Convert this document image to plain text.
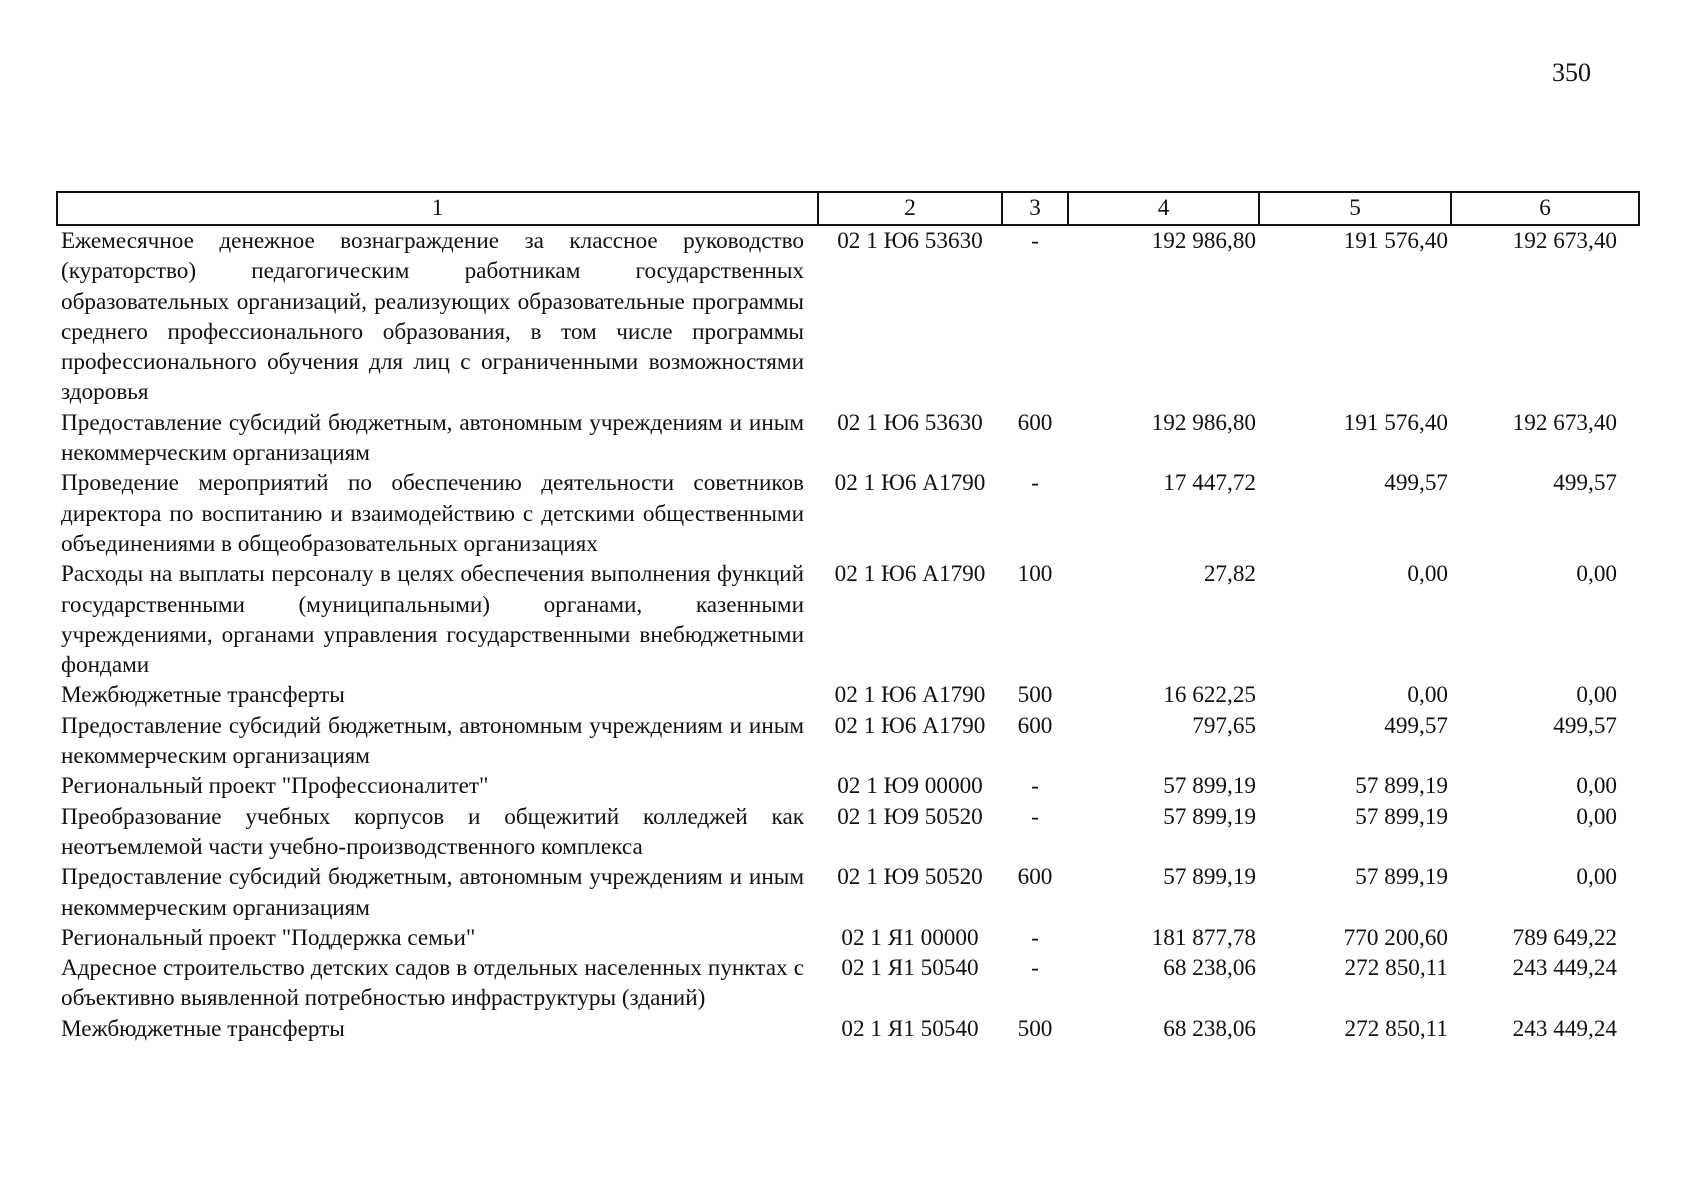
350
1	2	3	4	5	6
Ежемесячное денежное вознаграждение за классное руководство (кураторство) педагогическим работникам государственных образовательных организаций, реализующих образовательные программы среднего профессионального образования, в том числе программы профессионального обучения для лиц с ограниченными возможностями здоровья	02 1 Ю6 53630	-	192 986,80	191 576,40	192 673,40
Предоставление субсидий бюджетным, автономным учреждениям и иным некоммерческим организациям	02 1 Ю6 53630	600	192 986,80	191 576,40	192 673,40
Проведение мероприятий по обеспечению деятельности советников директора по воспитанию и взаимодействию с детскими общественными объединениями в общеобразовательных организациях	02 1 Ю6 А1790	-	17 447,72	499,57	499,57
Расходы на выплаты персоналу в целях обеспечения выполнения функций государственными (муниципальными) органами, казенными учреждениями, органами управления государственными внебюджетными фондами	02 1 Ю6 А1790	100	27,82	0,00	0,00
Межбюджетные трансферты	02 1 Ю6 А1790	500	16 622,25	0,00	0,00
Предоставление субсидий бюджетным, автономным учреждениям и иным некоммерческим организациям	02 1 Ю6 А1790	600	797,65	499,57	499,57
Региональный проект "Профессионалитет"	02 1 Ю9 00000	-	57 899,19	57 899,19	0,00
Преобразование учебных корпусов и общежитий колледжей как неотъемлемой части учебно-производственного комплекса	02 1 Ю9 50520	-	57 899,19	57 899,19	0,00
Предоставление субсидий бюджетным, автономным учреждениям и иным некоммерческим организациям	02 1 Ю9 50520	600	57 899,19	57 899,19	0,00
Региональный проект "Поддержка семьи"	02 1 Я1 00000	-	181 877,78	770 200,60	789 649,22
Адресное строительство детских садов в отдельных населенных пунктах с объективно выявленной потребностью инфраструктуры (зданий)	02 1 Я1 50540	-	68 238,06	272 850,11	243 449,24
Межбюджетные трансферты	02 1 Я1 50540	500	68 238,06	272 850,11	243 449,24
